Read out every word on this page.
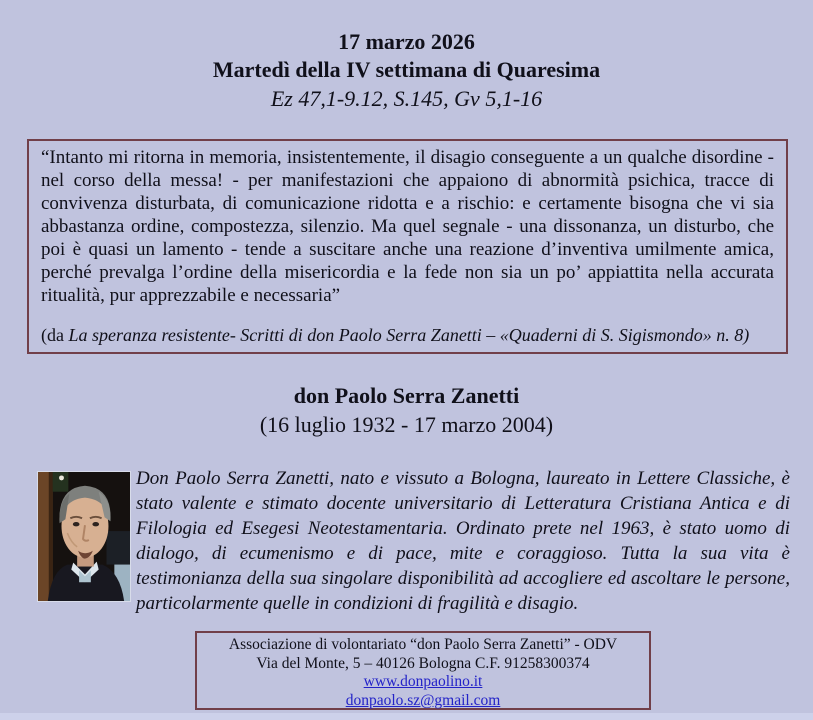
17 marzo 2026
Martedì della IV settimana di Quaresima
Ez 47,1-9.12, S.145, Gv 5,1-16
“Intanto mi ritorna in memoria, insistentemente, il disagio conseguente a un qualche disordine - nel corso della messa! - per manifestazioni che appaiono di abnormità psichica, tracce di convivenza disturbata, di comunicazione ridotta e a rischio: e certamente bisogna che vi sia abbastanza ordine, compostezza, silenzio. Ma quel segnale - una dissonanza, un disturbo, che poi è quasi un lamento - tende a suscitare anche una reazione d’inventiva umilmente amica, perché prevalga l’ordine della misericordia e la fede non sia un po’ appiattita nella accurata ritualità, pur apprezzabile e necessaria”
(da La speranza resistente- Scritti di don Paolo Serra Zanetti – «Quaderni di S. Sigismondo» n. 8)
don Paolo Serra Zanetti
(16 luglio 1932 - 17 marzo 2004)
Don Paolo Serra Zanetti, nato e vissuto a Bologna, laureato in Lettere Classiche, è stato valente e stimato docente universitario di Letteratura Cristiana Antica e di Filologia ed Esegesi Neotestamentaria. Ordinato prete nel 1963, è stato uomo di dialogo, di ecumenismo e di pace, mite e coraggioso. Tutta la sua vita è testimonianza della sua singolare disponibilità ad accogliere ed ascoltare le persone, particolarmente quelle in condizioni di fragilità e disagio.
Associazione di volontariato “don Paolo Serra Zanetti” - ODV
Via del Monte, 5 – 40126 Bologna C.F. 91258300374
www.donpaolino.it
donpaolo.sz@gmail.com
